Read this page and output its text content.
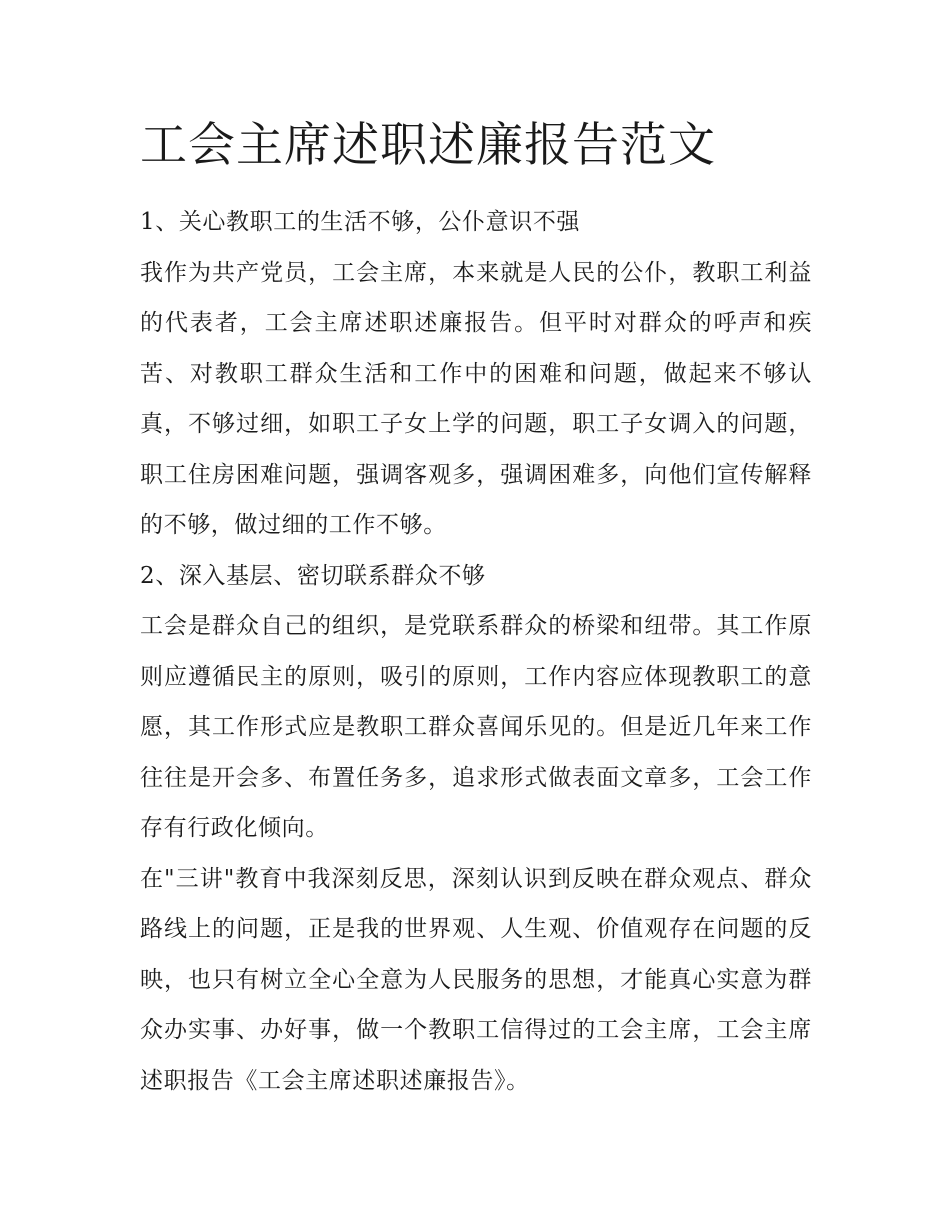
工会主席述职述廉报告范文

1、关心教职工的生活不够，公仆意识不强

我作为共产党员，工会主席，本来就是人民的公仆，教职工利益的代表者，工会主席述职述廉报告。但平时对群众的呼声和疾苦、对教职工群众生活和工作中的困难和问题，做起来不够认真，不够过细，如职工子女上学的问题，职工子女调入的问题，职工住房困难问题，强调客观多，强调困难多，向他们宣传解释的不够，做过细的工作不够。

2、深入基层、密切联系群众不够

工会是群众自己的组织，是党联系群众的桥梁和纽带。其工作原则应遵循民主的原则，吸引的原则，工作内容应体现教职工的意愿，其工作形式应是教职工群众喜闻乐见的。但是近几年来工作往往是开会多、布置任务多，追求形式做表面文章多，工会工作存有行政化倾向。

在"三讲"教育中我深刻反思，深刻认识到反映在群众观点、群众路线上的问题，正是我的世界观、人生观、价值观存在问题的反映，也只有树立全心全意为人民服务的思想，才能真心实意为群众办实事、办好事，做一个教职工信得过的工会主席，工会主席述职报告《工会主席述职述廉报告》。
